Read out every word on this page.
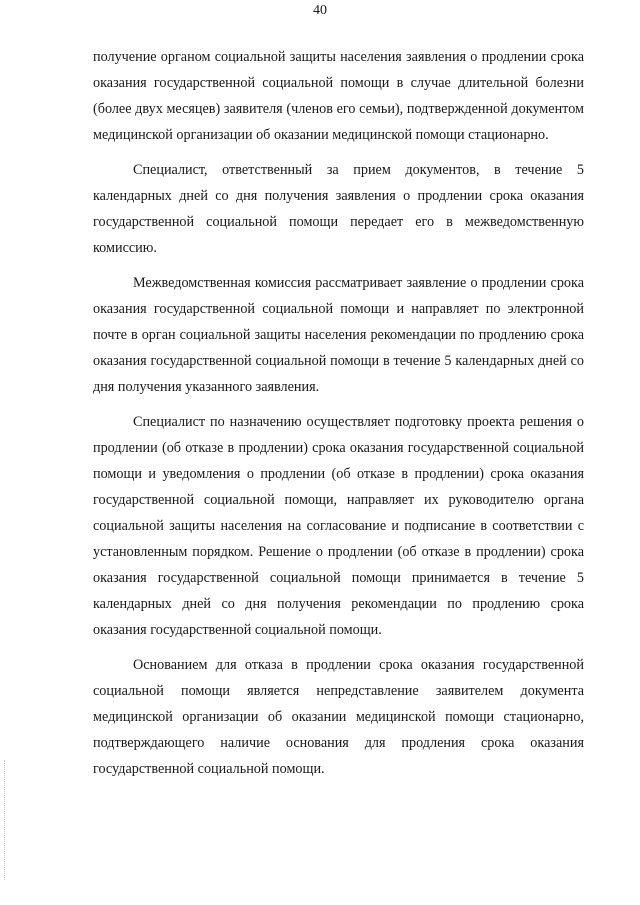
40

получение органом социальной защиты населения заявления о продлении срока оказания государственной социальной помощи в случае длительной болезни (более двух месяцев) заявителя (членов его семьи), подтвержденной документом медицинской организации об оказании медицинской помощи стационарно.

Специалист, ответственный за прием документов, в течение 5 календарных дней со дня получения заявления о продлении срока оказания государственной социальной помощи передает его в межведомственную комиссию.

Межведомственная комиссия рассматривает заявление о продлении срока оказания государственной социальной помощи и направляет по электронной почте в орган социальной защиты населения рекомендации по продлению срока оказания государственной социальной помощи в течение 5 календарных дней со дня получения указанного заявления.

Специалист по назначению осуществляет подготовку проекта решения о продлении (об отказе в продлении) срока оказания государственной социальной помощи и уведомления о продлении (об отказе в продлении) срока оказания государственной социальной помощи, направляет их руководителю органа социальной защиты населения на согласование и подписание в соответствии с установленным порядком. Решение о продлении (об отказе в продлении) срока оказания государственной социальной помощи принимается в течение 5 календарных дней со дня получения рекомендации по продлению срока оказания государственной социальной помощи.

Основанием для отказа в продлении срока оказания государственной социальной помощи является непредставление заявителем документа медицинской организации об оказании медицинской помощи стационарно, подтверждающего наличие основания для продления срока оказания государственной социальной помощи.
